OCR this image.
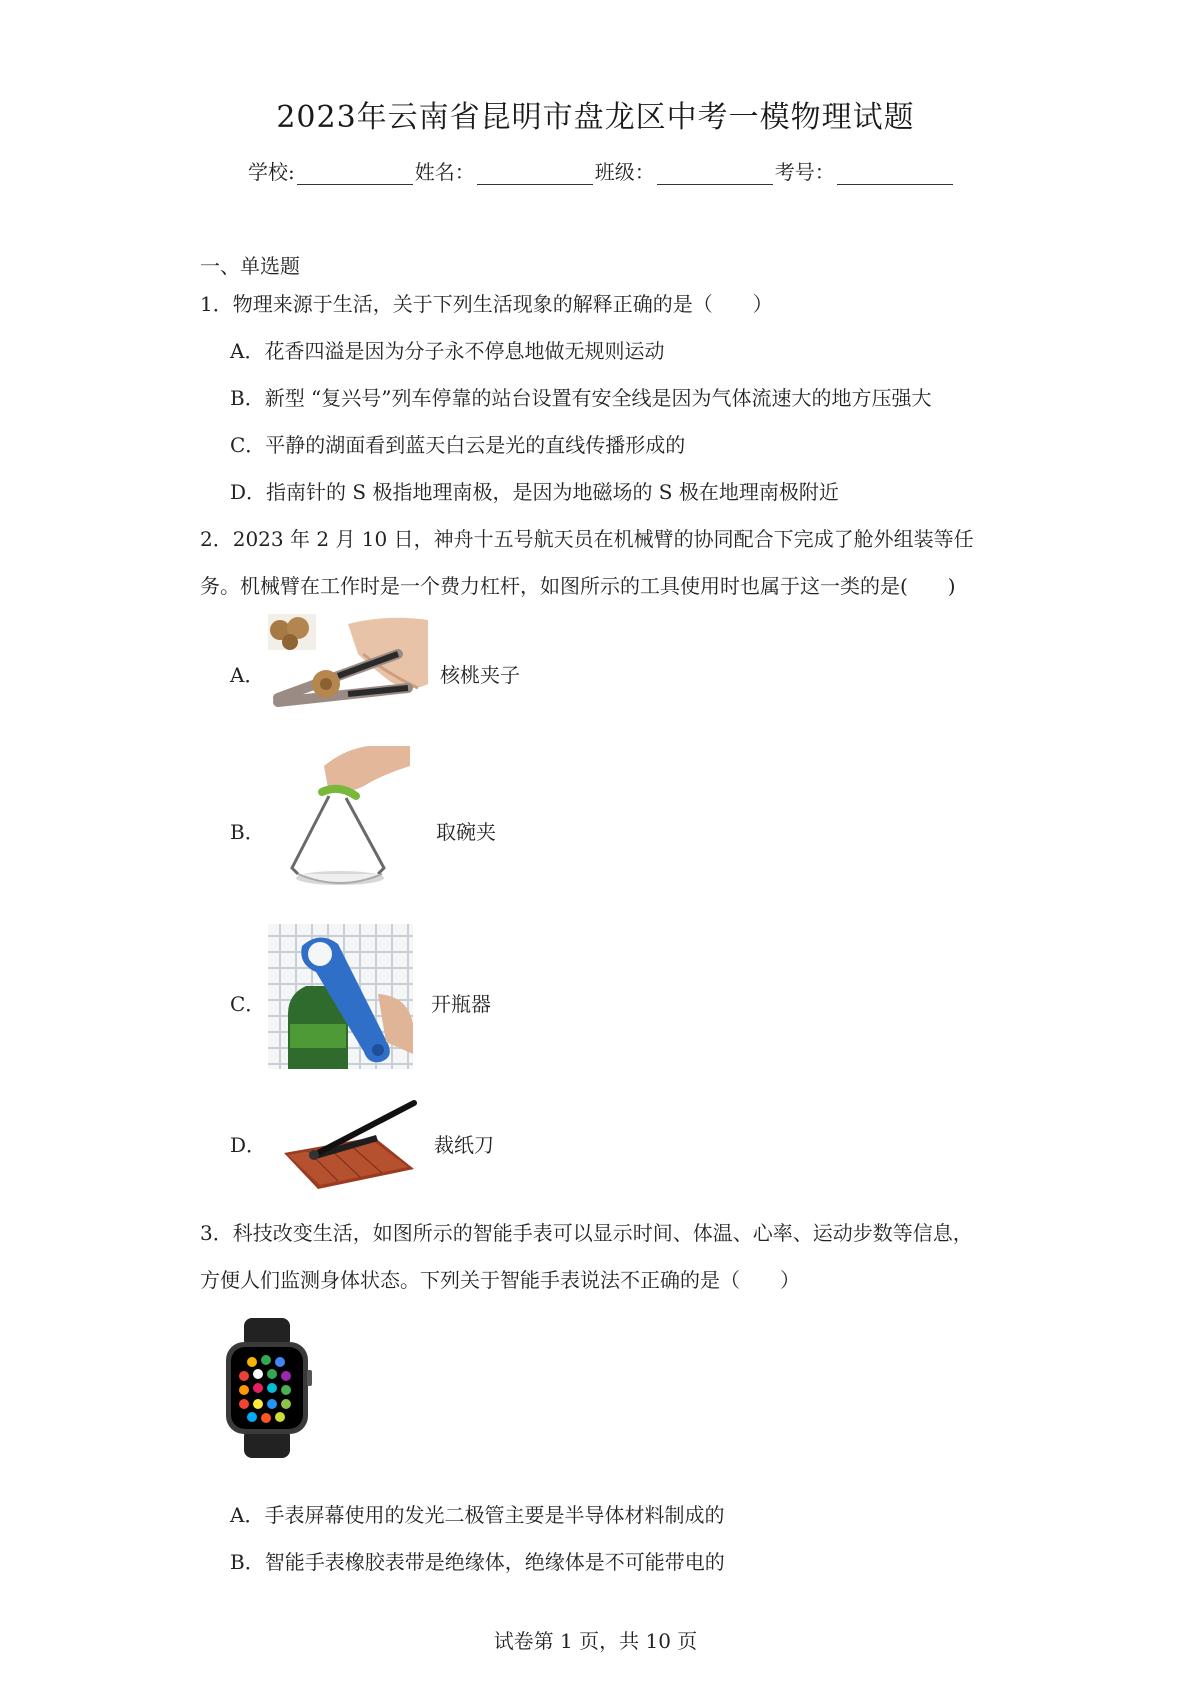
2023年云南省昆明市盘龙区中考一模物理试题
学校:	姓名：	班级：	考号：
一、单选题
1．物理来源于生活，关于下列生活现象的解释正确的是（　　）
A．花香四溢是因为分子永不停息地做无规则运动
B．新型 “复兴号”列车停靠的站台设置有安全线是因为气体流速大的地方压强大
C．平静的湖面看到蓝天白云是光的直线传播形成的
D．指南针的 S 极指地理南极，是因为地磁场的 S 极在地理南极附近
2．2023 年 2 月 10 日，神舟十五号航天员在机械臂的协同配合下完成了舱外组装等任
务。机械臂在工作时是一个费力杠杆，如图所示的工具使用时也属于这一类的是(　　)
A．	核桃夹子
B．	取碗夹
C．	开瓶器
D．	裁纸刀
3．科技改变生活，如图所示的智能手表可以显示时间、体温、心率、运动步数等信息，
方便人们监测身体状态。下列关于智能手表说法不正确的是（　　）
A．手表屏幕使用的发光二极管主要是半导体材料制成的
B．智能手表橡胶表带是绝缘体，绝缘体是不可能带电的
试卷第 1 页，共 10 页
